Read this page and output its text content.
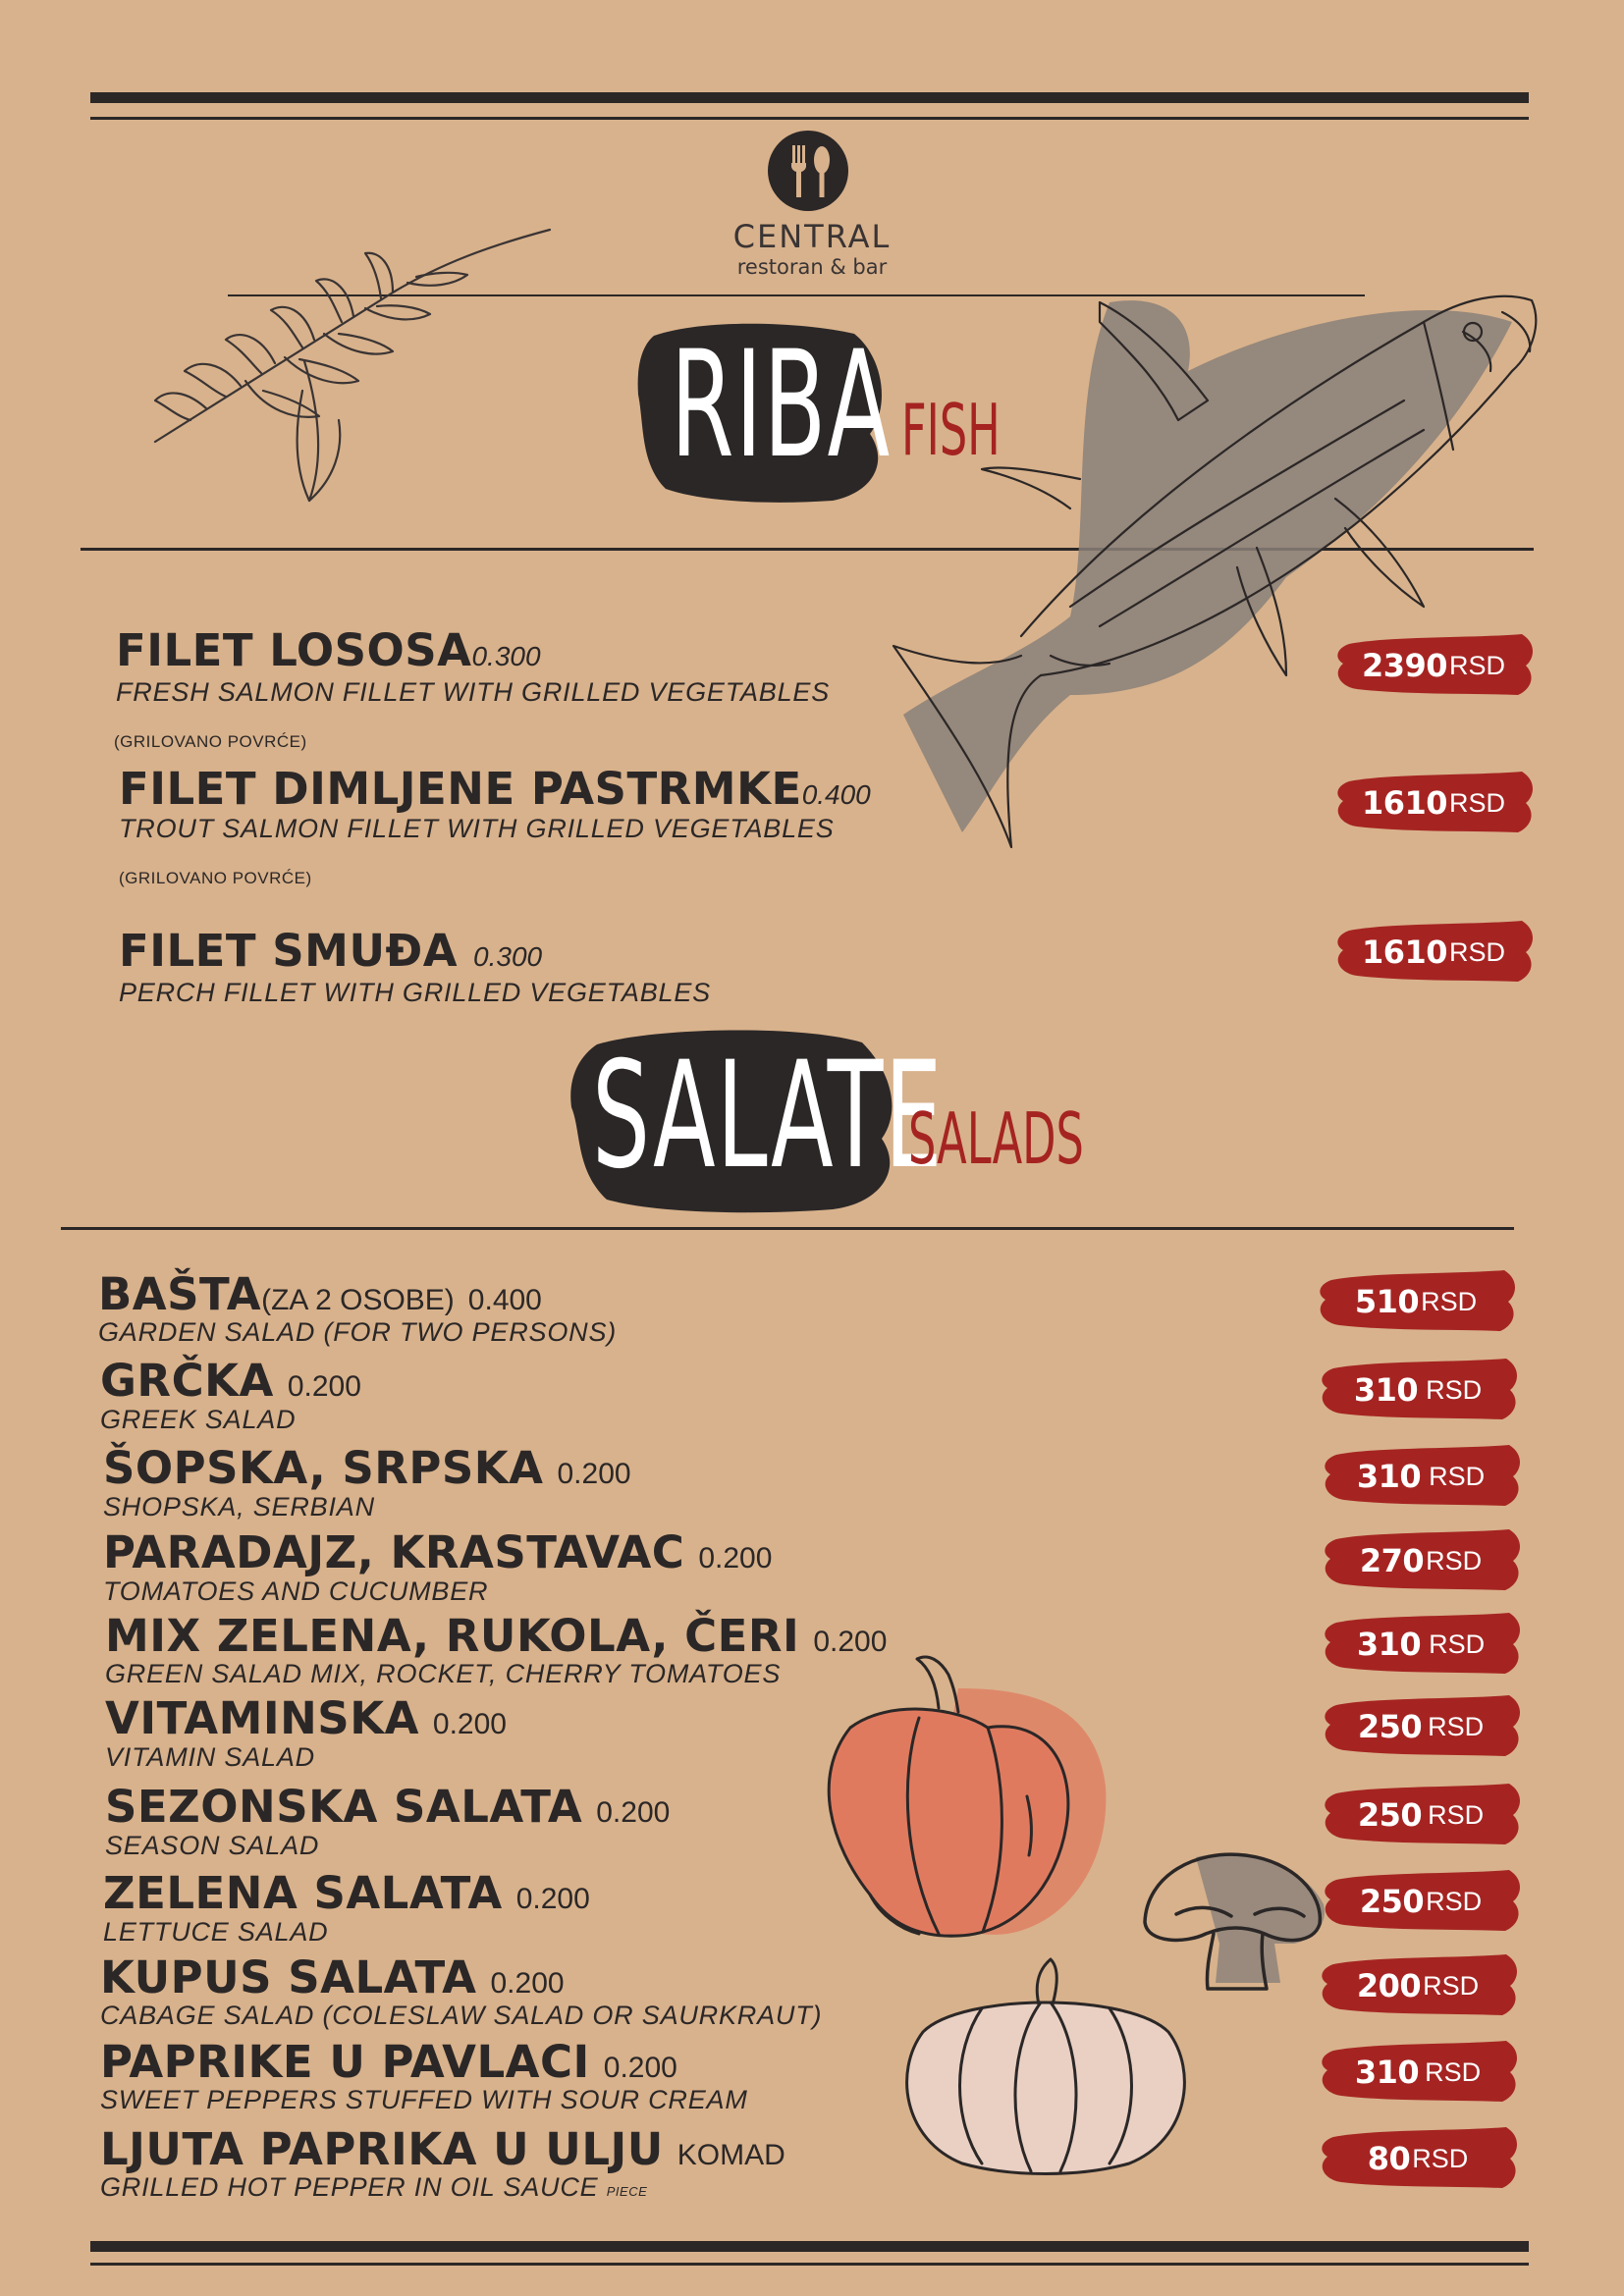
CENTRAL
restoran & bar
RIBA FISH
FILET LOSOSA0.300
FRESH SALMON FILLET WITH GRILLED VEGETABLES
(GRILOVANO POVRĆE)
FILET DIMLJENE PASTRMKE0.400
TROUT SALMON FILLET WITH GRILLED VEGETABLES
(GRILOVANO POVRĆE)
FILET SMUĐA 0.300
PERCH FILLET WITH GRILLED VEGETABLES
SALATE
SALADS
BAŠTA(ZA 2 OSOBE) 0.400
GARDEN SALAD (FOR TWO PERSONS)
GRČKA 0.200
GREEK SALAD
ŠOPSKA, SRPSKA 0.200
SHOPSKA, SERBIAN
PARADAJZ, KRASTAVAC 0.200
TOMATOES AND CUCUMBER
MIX ZELENA, RUKOLA, ČERI 0.200
GREEN SALAD MIX, ROCKET, CHERRY TOMATOES
VITAMINSKA 0.200
VITAMIN SALAD
SEZONSKA SALATA 0.200
SEASON SALAD
ZELENA SALATA 0.200
LETTUCE SALAD
KUPUS SALATA 0.200
CABAGE SALAD (COLESLAW SALAD OR SAURKRAUT)
PAPRIKE U PAVLACI 0.200
SWEET PEPPERS STUFFED WITH SOUR CREAM
LJUTA PAPRIKA U ULJU KOMAD
GRILLED HOT PEPPER IN OIL SAUCE PIECE
2390 RSD
1610 RSD
1610 RSD
510 RSD
310 RSD
310 RSD
270 RSD
310 RSD
250 RSD
250 RSD
250 RSD
200 RSD
310 RSD
80 RSD
